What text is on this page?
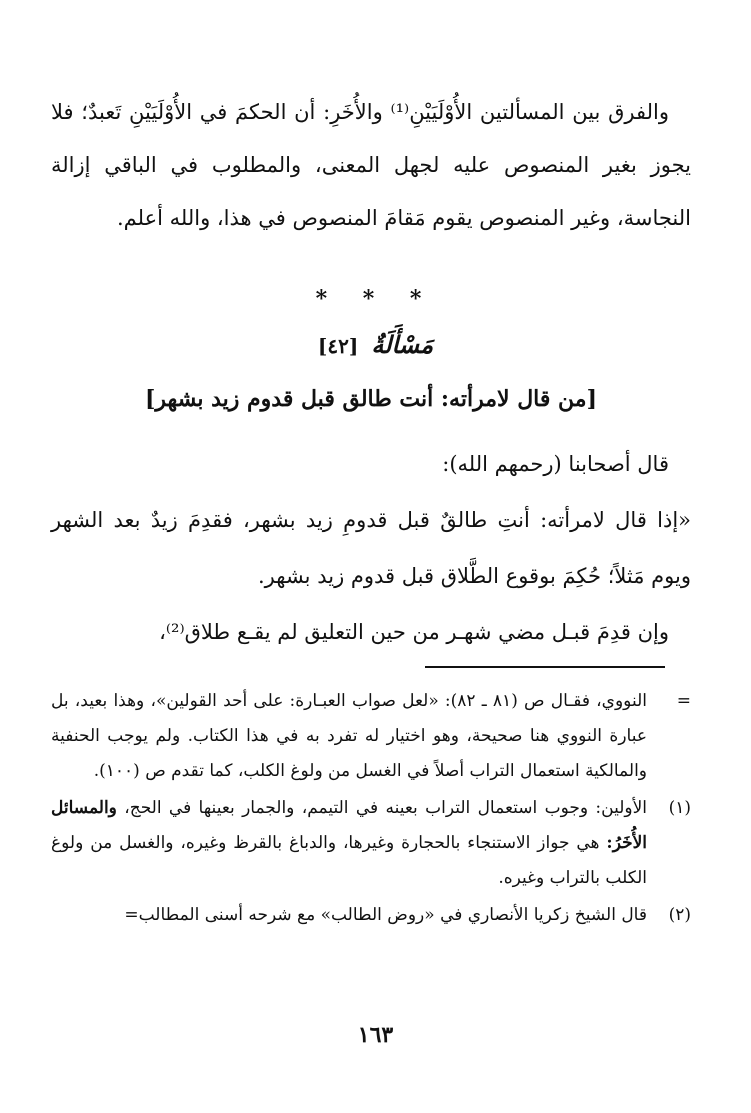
والفرق بين المسألتين الأُوْلَيَيْنِ⁽¹⁾ والأُخَرِ: أن الحكمَ في الأُوْلَيَيْنِ تَعبدٌ؛ فلا يجوز بغير المنصوص عليه لجهل المعنى، والمطلوب في الباقي إزالة النجاسة، وغير المنصوص يقوم مَقامَ المنصوص في هذا، والله أعلم.

* * *
مَسْأَلَةٌ [٤٢]
[من قال لامرأته: أنت طالق قبل قدوم زيد بشهر]

قال أصحابنا (رحمهم الله):

«إذا قال لامرأته: أنتِ طالقٌ قبل قدومِ زيد بشهر، فقدِمَ زيدٌ بعد الشهر ويوم مَثلاً؛ حُكِمَ بوقوع الطَّلاق قبل قدوم زيد بشهر.

وإن قدِمَ قبـل مضي شهـر من حين التعليق لم يقـع طلاق⁽²⁾،

=
النووي، فقـال ص (٨١ ـ ٨٢): «لعل صواب العبـارة: على أحد القولين»، وهذا بعيد، بل عبارة النووي هنا صحيحة، وهو اختيار له تفرد به في هذا الكتاب. ولم يوجب الحنفية والمالكية استعمال التراب أصلاً في الغسل من ولوغ الكلب، كما تقدم ص (١٠٠).
(١)
الأولين: وجوب استعمال التراب بعينه في التيمم، والجمار بعينها في الحج، والمسائل الأُخَرُ: هي جواز الاستنجاء بالحجارة وغيرها، والدباغ بالقرظ وغيره، والغسل من ولوغ الكلب بالتراب وغيره.
(٢)
قال الشيخ زكريا الأنصاري في «روض الطالب» مع شرحه أسنى المطالب=
١٦٣
